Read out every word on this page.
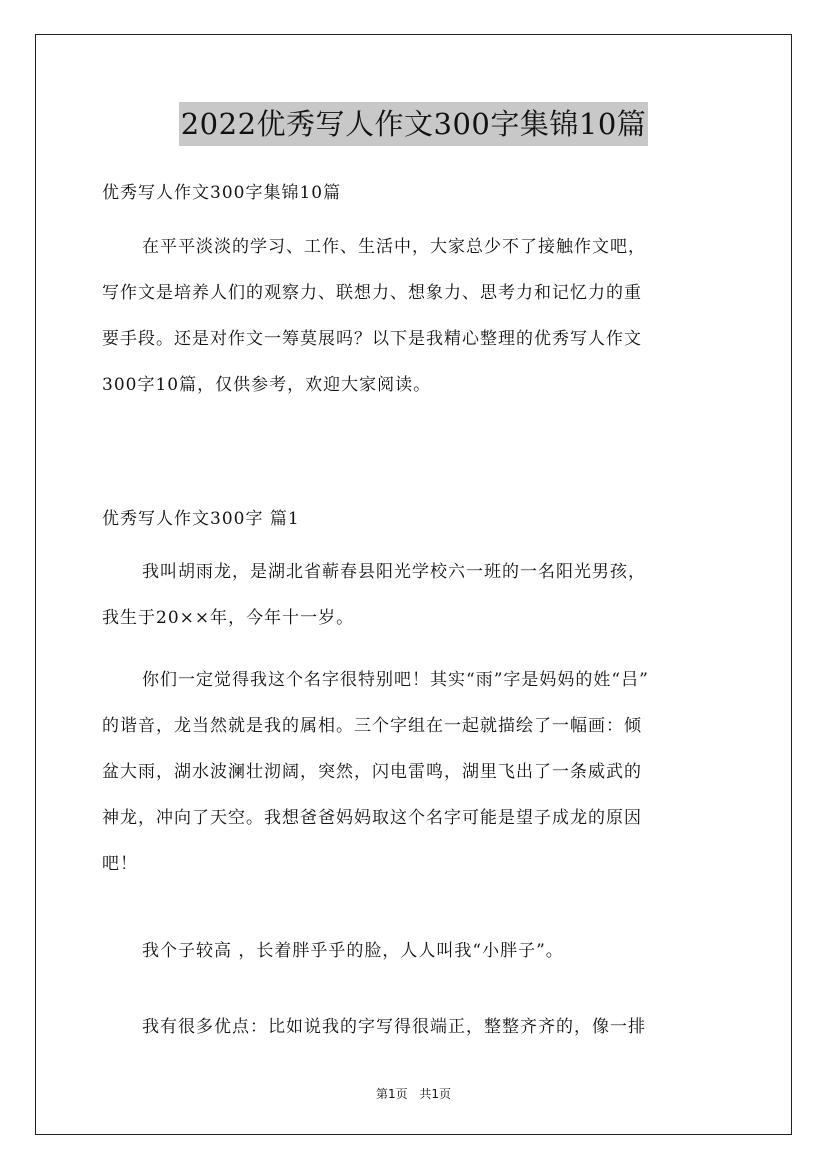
2022优秀写人作文300字集锦10篇
优秀写人作文300字集锦10篇
在平平淡淡的学习、工作、生活中，大家总少不了接触作文吧，
写作文是培养人们的观察力、联想力、想象力、思考力和记忆力的重
要手段。还是对作文一筹莫展吗？以下是我精心整理的优秀写人作文
300字10篇，仅供参考，欢迎大家阅读。
优秀写人作文300字 篇1
我叫胡雨龙，是湖北省蕲春县阳光学校六一班的一名阳光男孩，
我生于20××年，今年十一岁。
你们一定觉得我这个名字很特别吧！其实“雨”字是妈妈的姓“吕”
的谐音，龙当然就是我的属相。三个字组在一起就描绘了一幅画：倾
盆大雨，湖水波澜壮沏阔，突然，闪电雷鸣，湖里飞出了一条威武的
神龙，冲向了天空。我想爸爸妈妈取这个名字可能是望子成龙的原因
吧！
我个子较高 ，长着胖乎乎的脸，人人叫我“小胖子”。
我有很多优点：比如说我的字写得很端正，整整齐齐的，像一排
第1页 共1页
